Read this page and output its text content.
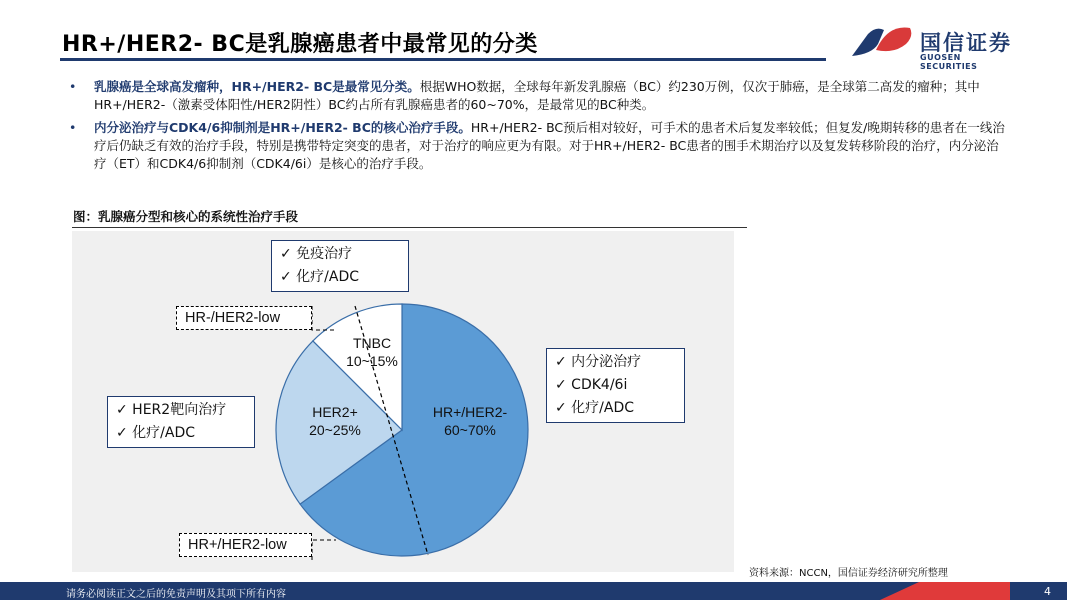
HR+/HER2- BC是乳腺癌患者中最常见的分类	国信证券
GUOSEN SECURITIES
• 乳腺癌是全球高发瘤种，HR+/HER2- BC是最常见分类。根据WHO数据，全球每年新发乳腺癌（BC）约230万例，仅次于肺癌，是全球第二高发的瘤种；其中HR+/HER2-（激素受体阳性/HER2阴性）BC约占所有乳腺癌患者的60~70%，是最常见的BC种类。
• 内分泌治疗与CDK4/6抑制剂是HR+/HER2- BC的核心治疗手段。HR+/HER2- BC预后相对较好，可手术的患者术后复发率较低；但复发/晚期转移的患者在一线治疗后仍缺乏有效的治疗手段，特别是携带特定突变的患者，对于治疗的响应更为有限。对于HR+/HER2- BC患者的围手术期治疗以及复发转移阶段的治疗，内分泌治疗（ET）和CDK4/6抑制剂（CDK4/6i）是核心的治疗手段。
图：乳腺癌分型和核心的系统性治疗手段
HR+/HER2-
60~70%
HER2+
20~25%
TNBC
10~15%
✓ 免疫治疗
✓ 化疗/ADC
✓ HER2靶向治疗
✓ 化疗/ADC
✓ 内分泌治疗
✓ CDK4/6i
✓ 化疗/ADC
HR-/HER2-low
HR+/HER2-low
资料来源：NCCN，国信证券经济研究所整理
请务必阅读正文之后的免责声明及其项下所有内容	4
